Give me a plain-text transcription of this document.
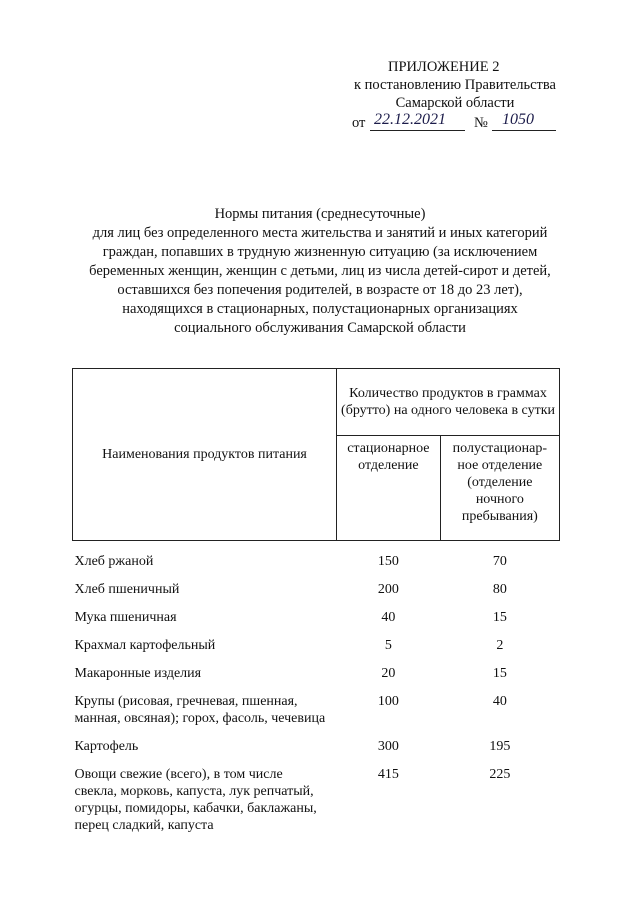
ПРИЛОЖЕНИЕ 2
к постановлению Правительства
Самарской области
от 22.12.2021 № 1050
Нормы питания (среднесуточные)
для лиц без определенного места жительства и занятий и иных категорий
граждан, попавших в трудную жизненную ситуацию (за исключением
беременных женщин, женщин с детьми, лиц из числа детей-сирот и детей,
оставшихся без попечения родителей, в возрасте от 18 до 23 лет),
находящихся в стационарных, полустационарных организациях
социального обслуживания Самарской области
Наименования продуктов питания	Количество продуктов в граммах (брутто) на одного человека в сутки	
	стационарное отделение	полустационар-ное отделение (отделение ночного пребывания)

Хлеб ржаной	150	70
Хлеб пшеничный	200	80
Мука пшеничная	40	15
Крахмал картофельный	5	2
Макаронные изделия	20	15
Крупы (рисовая, гречневая, пшенная, манная, овсяная); горох, фасоль, чечевица	100	40
Картофель	300	195
Овощи свежие (всего), в том числе свекла, морковь, капуста, лук репчатый, огурцы, помидоры, кабачки, баклажаны, перец сладкий, капуста	415	225
